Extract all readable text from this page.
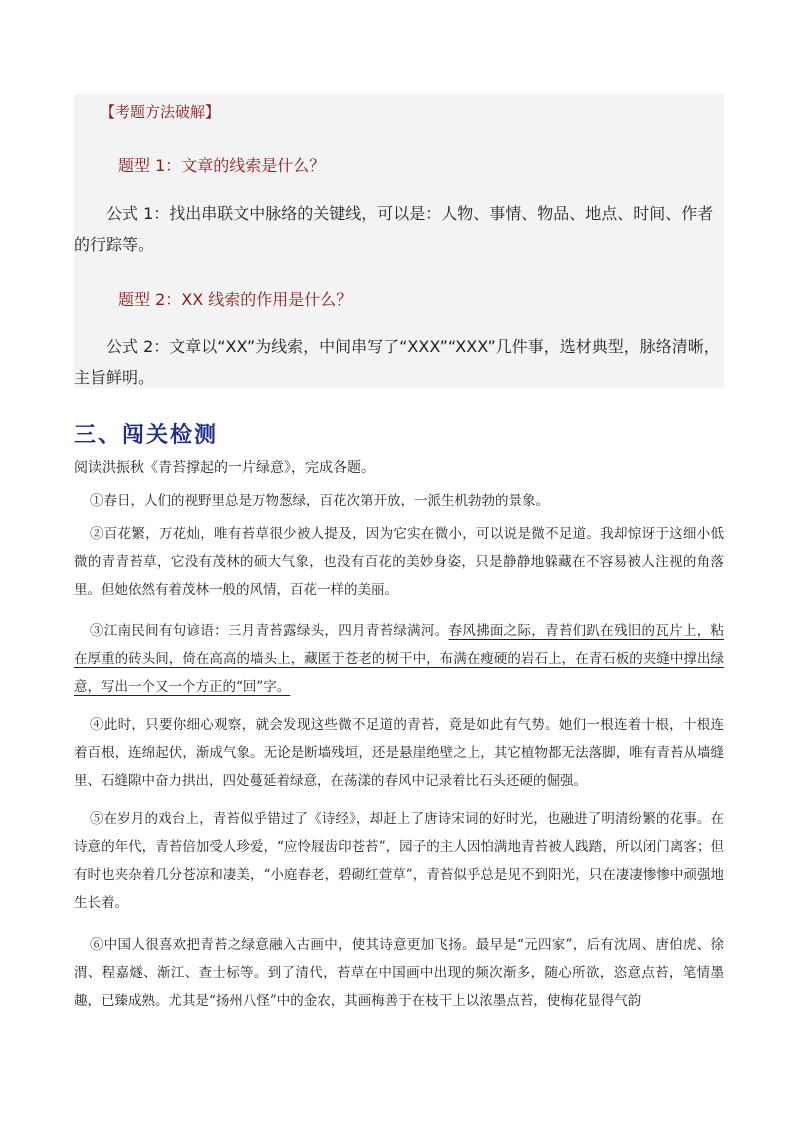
【考题方法破解】
题型 1：文章的线索是什么？
公式 1：找出串联文中脉络的关键线，可以是：人物、事情、物品、地点、时间、作者的行踪等。
题型 2：XX 线索的作用是什么？
公式 2：文章以“XX”为线索，中间串写了“XXX”“XXX”几件事，选材典型，脉络清晰，主旨鲜明。
三、闯关检测
阅读洪振秋《青苔撑起的一片绿意》，完成各题。
①春日，人们的视野里总是万物葱绿，百花次第开放，一派生机勃勃的景象。
②百花繁，万花灿，唯有苔草很少被人提及，因为它实在微小，可以说是微不足道。我却惊讶于这细小低微的青青苔草，它没有茂林的硕大气象，也没有百花的美妙身姿，只是静静地躲藏在不容易被人注视的角落里。但她依然有着茂林一般的风情，百花一样的美丽。
③江南民间有句谚语：三月青苔露绿头，四月青苔绿满河。春风拂面之际，青苔们趴在残旧的瓦片上，粘在厚重的砖头间，倚在高高的墙头上，藏匿于苍老的树干中，布满在瘦硬的岩石上，在青石板的夹缝中撑出绿意，写出一个又一个方正的“回”字。
④此时，只要你细心观察，就会发现这些微不足道的青苔，竟是如此有气势。她们一根连着十根，十根连着百根，连绵起伏，渐成气象。无论是断墙残垣，还是悬崖绝壁之上，其它植物都无法落脚，唯有青苔从墙缝里、石缝隙中奋力拱出，四处蔓延着绿意，在荡漾的春风中记录着比石头还硬的倔强。
⑤在岁月的戏台上，青苔似乎错过了《诗经》，却赶上了唐诗宋词的好时光，也融进了明清纷繁的花事。在诗意的年代，青苔倍加受人珍爱，“应怜屐齿印苍苔”，园子的主人因怕满地青苔被人践踏，所以闭门离客；但有时也夹杂着几分苍凉和凄美，“小庭春老，碧砌红萱草”，青苔似乎总是见不到阳光，只在凄凄惨惨中顽强地生长着。
⑥中国人很喜欢把青苔之绿意融入古画中，使其诗意更加飞扬。最早是“元四家”，后有沈周、唐伯虎、徐渭、程嘉燧、渐江、查士标等。到了清代，苔草在中国画中出现的频次渐多，随心所欲，恣意点苔，笔情墨趣，已臻成熟。尤其是“扬州八怪”中的金农，其画梅善于在枝干上以浓墨点苔，使梅花显得气韵
